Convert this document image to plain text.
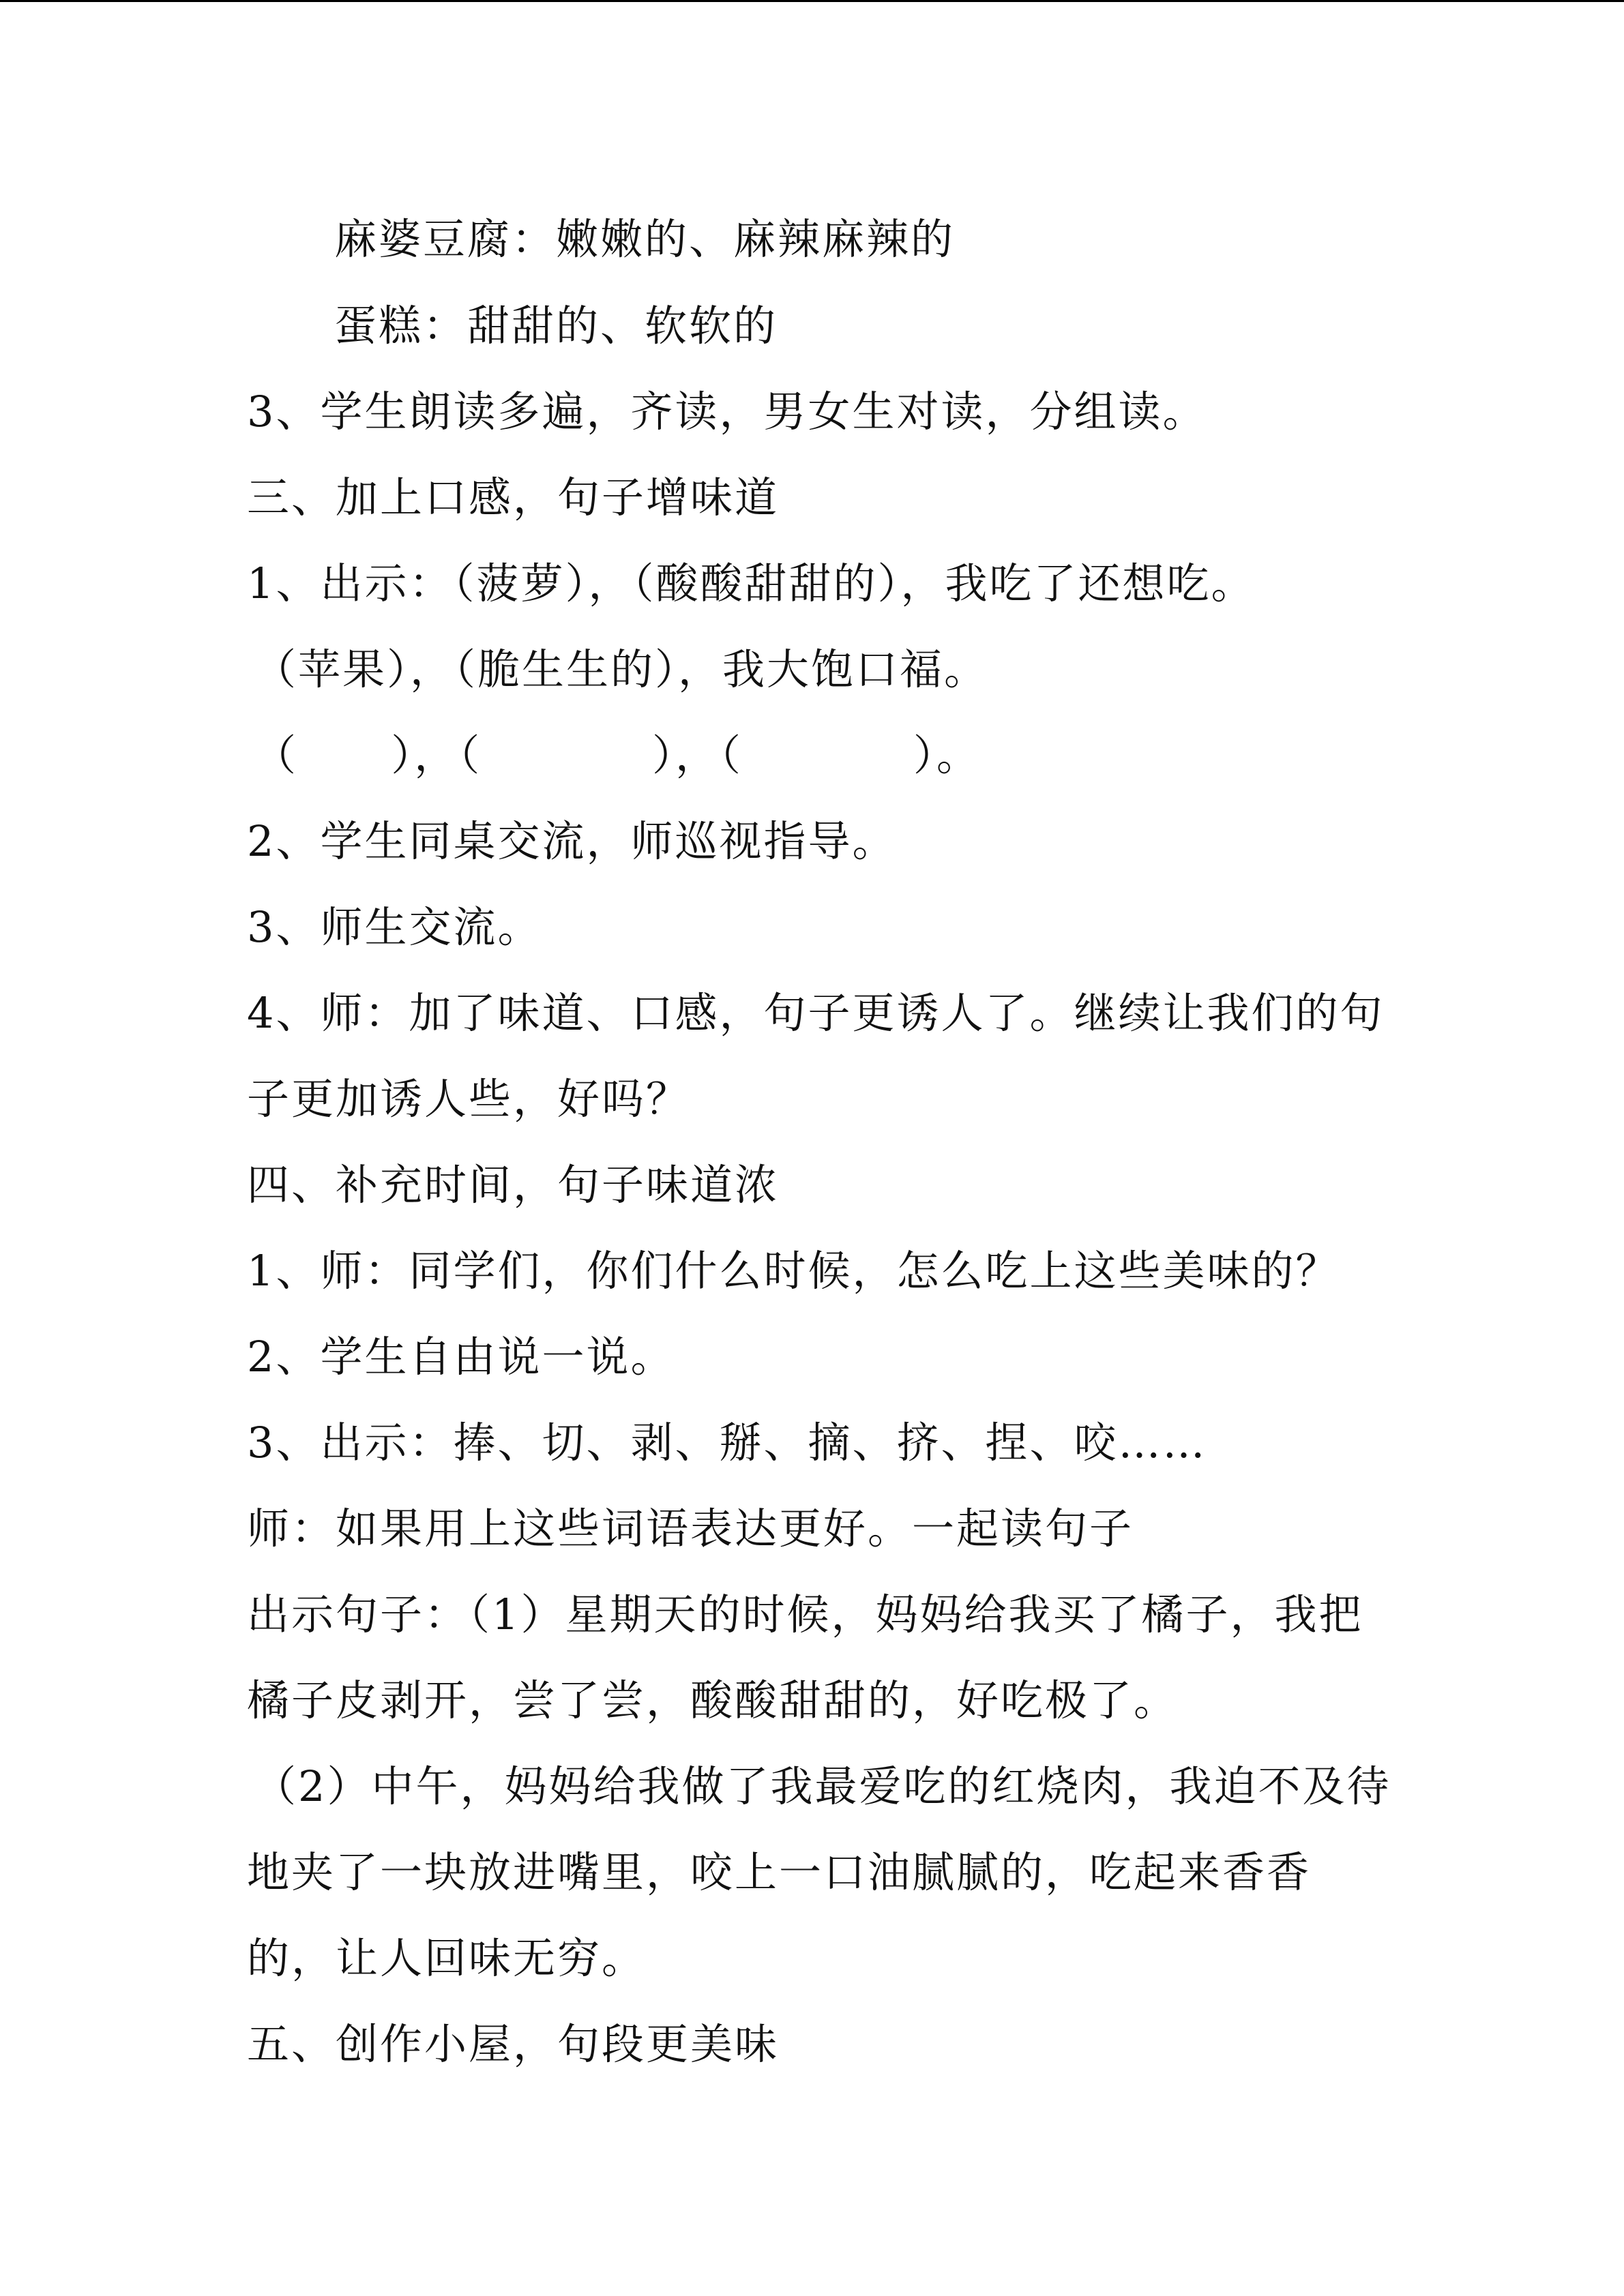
麻婆豆腐：嫩嫩的、麻辣麻辣的
蛋糕：甜甜的、软软的
3、学生朗读多遍，齐读，男女生对读，分组读。
三、加上口感，句子增味道
1、出示：（菠萝），（酸酸甜甜的），我吃了还想吃。
（苹果），（脆生生的），我大饱口福。
（      ），（           ），（           ）。
2、学生同桌交流，师巡视指导。
3、师生交流。
4、师：加了味道、口感，句子更诱人了。继续让我们的句
子更加诱人些，好吗？
四、补充时间，句子味道浓
1、师：同学们，你们什么时候，怎么吃上这些美味的？
2、学生自由说一说。
3、出示：捧、切、剥、掰、摘、挤、捏、咬……
师：如果用上这些词语表达更好。一起读句子
出示句子：（1）星期天的时候，妈妈给我买了橘子，我把
橘子皮剥开，尝了尝，酸酸甜甜的，好吃极了。
（2）中午，妈妈给我做了我最爱吃的红烧肉，我迫不及待
地夹了一块放进嘴里，咬上一口油腻腻的，吃起来香香
的，让人回味无穷。
五、创作小屋，句段更美味
